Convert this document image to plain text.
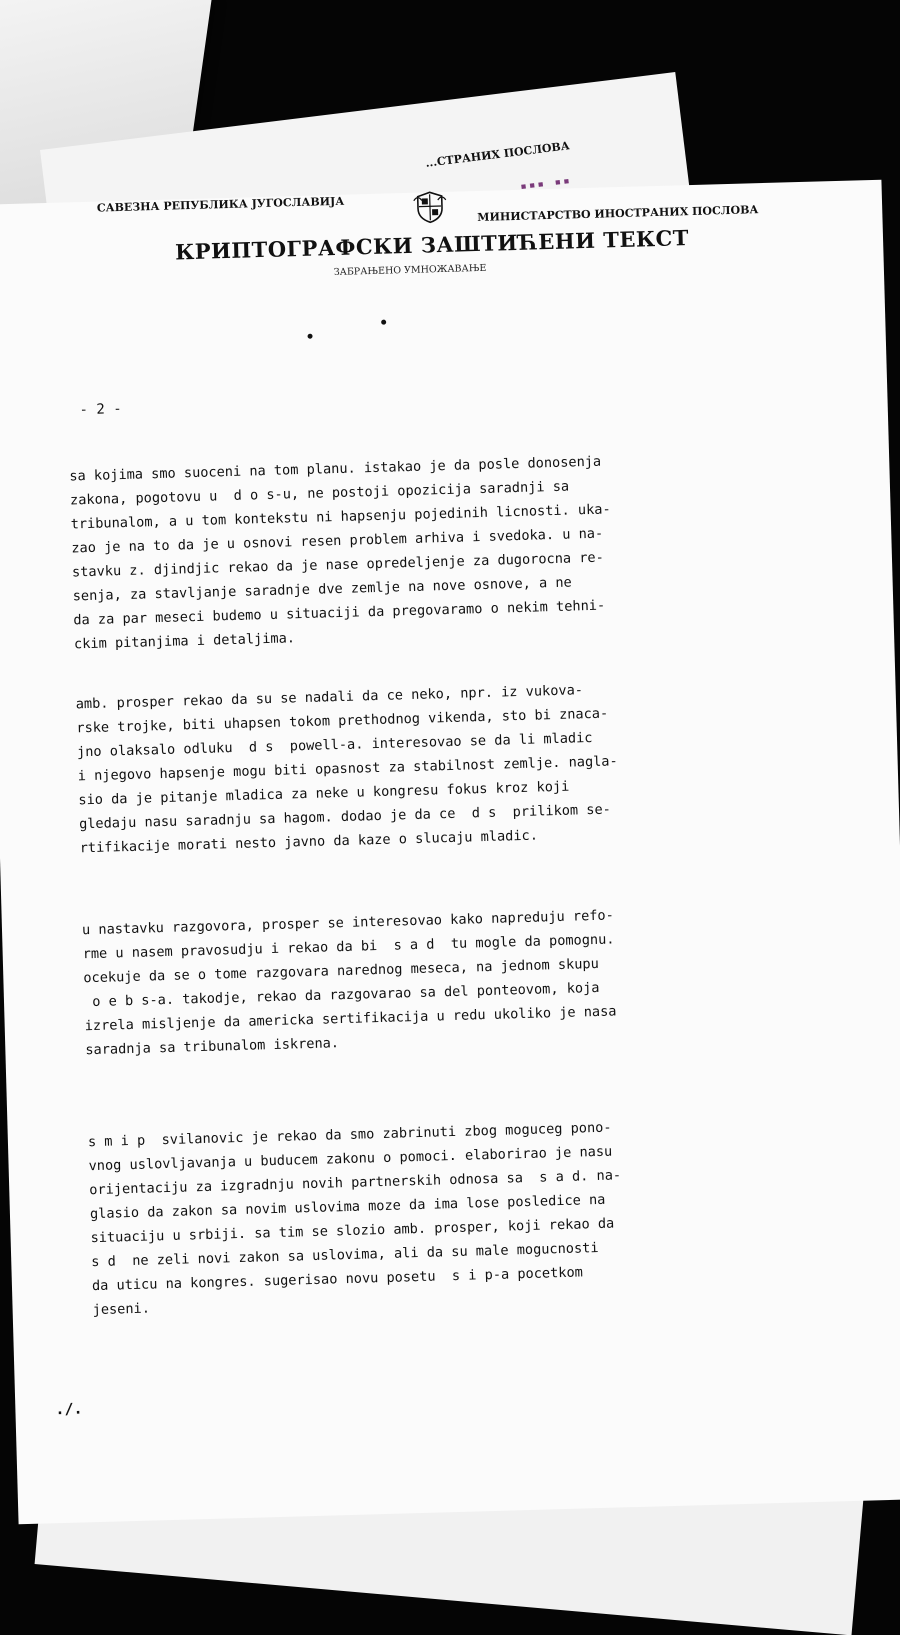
...СТРАНИХ ПОСЛОВА
▪▪▪ ▪▪
САВЕЗНА РЕПУБЛИКА ЈУГОСЛАВИЈА	МИНИСТАРСТВО ИНОСТРАНИХ ПОСЛОВА
КРИПТОГРАФСКИ ЗАШТИЋЕНИ ТЕКСТ
ЗАБРАЊЕНО УМНОЖАВАЊЕ
- 2 -
sa kojima smo suoceni na tom planu. istakao je da posle donosenja
zakona, pogotovu u  d o s-u, ne postoji opozicija saradnji sa
tribunalom, a u tom kontekstu ni hapsenju pojedinih licnosti. uka-
zao je na to da je u osnovi resen problem arhiva i svedoka. u na-
stavku z. djindjic rekao da je nase opredeljenje za dugorocna re-
senja, za stavljanje saradnje dve zemlje na nove osnove, a ne
da za par meseci budemo u situaciji da pregovaramo o nekim tehni-
ckim pitanjima i detaljima.
amb. prosper rekao da su se nadali da ce neko, npr. iz vukova-
rske trojke, biti uhapsen tokom prethodnog vikenda, sto bi znaca-
jno olaksalo odluku  d s  powell-a. interesovao se da li mladic
i njegovo hapsenje mogu biti opasnost za stabilnost zemlje. nagla-
sio da je pitanje mladica za neke u kongresu fokus kroz koji
gledaju nasu saradnju sa hagom. dodao je da ce  d s  prilikom se-
rtifikacije morati nesto javno da kaze o slucaju mladic.
u nastavku razgovora, prosper se interesovao kako napreduju refo-
rme u nasem pravosudju i rekao da bi  s a d  tu mogle da pomognu.
ocekuje da se o tome razgovara narednog meseca, na jednom skupu
o e b s-a. takodje, rekao da razgovarao sa del ponteovom, koja
izrela misljenje da americka sertifikacija u redu ukoliko je nasa
saradnja sa tribunalom iskrena.
s m i p  svilanovic je rekao da smo zabrinuti zbog moguceg pono-
vnog uslovljavanja u buducem zakonu o pomoci. elaborirao je nasu
orijentaciju za izgradnju novih partnerskih odnosa sa  s a d. na-
glasio da zakon sa novim uslovima moze da ima lose posledice na
situaciju u srbiji. sa tim se slozio amb. prosper, koji rekao da
s d  ne zeli novi zakon sa uslovima, ali da su male mogucnosti
da uticu na kongres. sugerisao novu posetu  s i p-a pocetkom
jeseni.
./.
